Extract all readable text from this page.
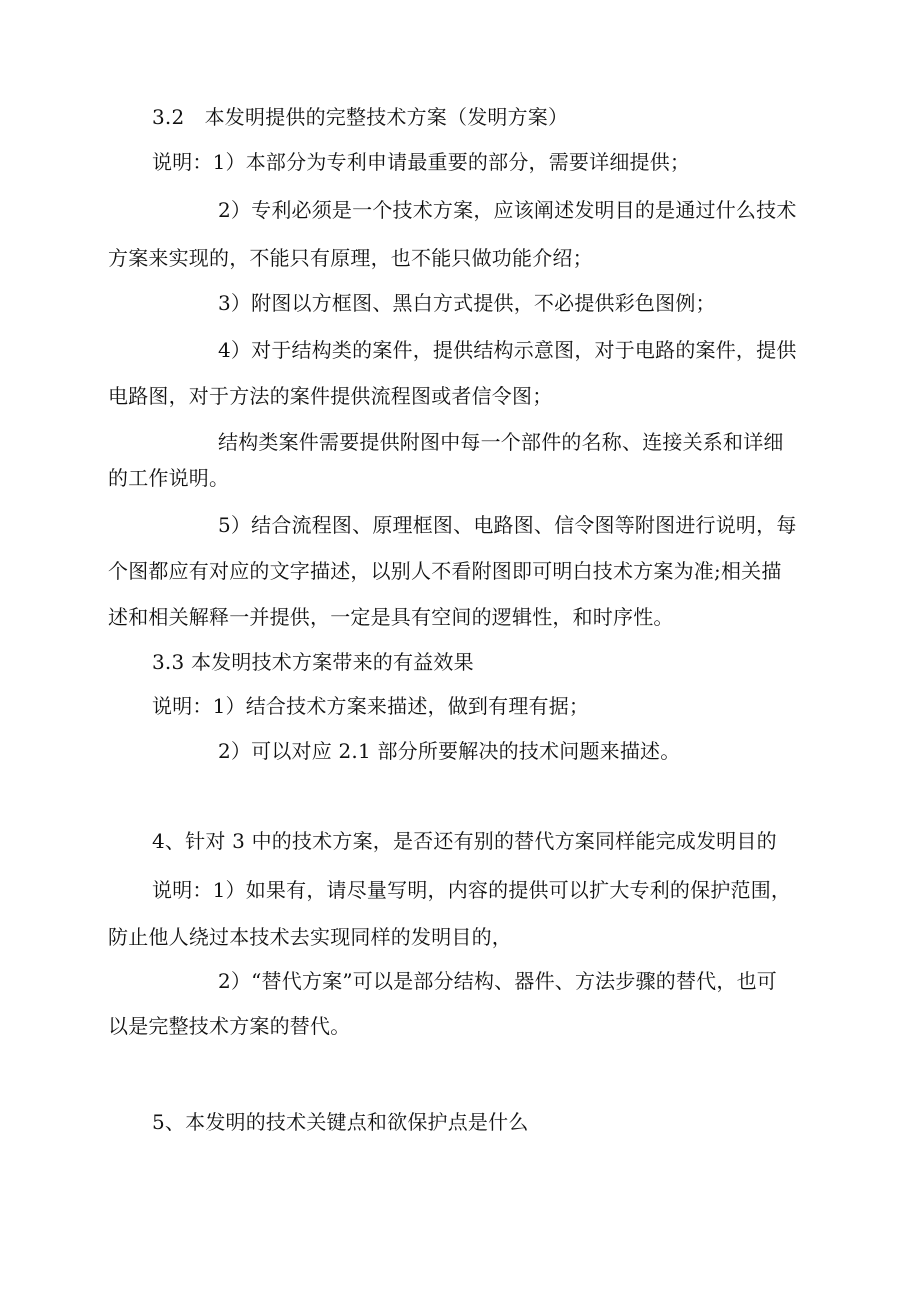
3.2　本发明提供的完整技术方案（发明方案）
说明：1）本部分为专利申请最重要的部分，需要详细提供；
2）专利必须是一个技术方案，应该阐述发明目的是通过什么技术
方案来实现的，不能只有原理，也不能只做功能介绍；
3）附图以方框图、黑白方式提供，不必提供彩色图例；
4）对于结构类的案件，提供结构示意图，对于电路的案件，提供
电路图，对于方法的案件提供流程图或者信令图；
结构类案件需要提供附图中每一个部件的名称、连接关系和详细
的工作说明。
5）结合流程图、原理框图、电路图、信令图等附图进行说明，每
个图都应有对应的文字描述，以别人不看附图即可明白技术方案为准;相关描
述和相关解释一并提供，一定是具有空间的逻辑性，和时序性。
3.3 本发明技术方案带来的有益效果
说明：1）结合技术方案来描述，做到有理有据；
2）可以对应 2.1 部分所要解决的技术问题来描述。
4、针对 3 中的技术方案，是否还有别的替代方案同样能完成发明目的
说明：1）如果有，请尽量写明，内容的提供可以扩大专利的保护范围，
防止他人绕过本技术去实现同样的发明目的，
2）“替代方案”可以是部分结构、器件、方法步骤的替代，也可
以是完整技术方案的替代。
5、本发明的技术关键点和欲保护点是什么
